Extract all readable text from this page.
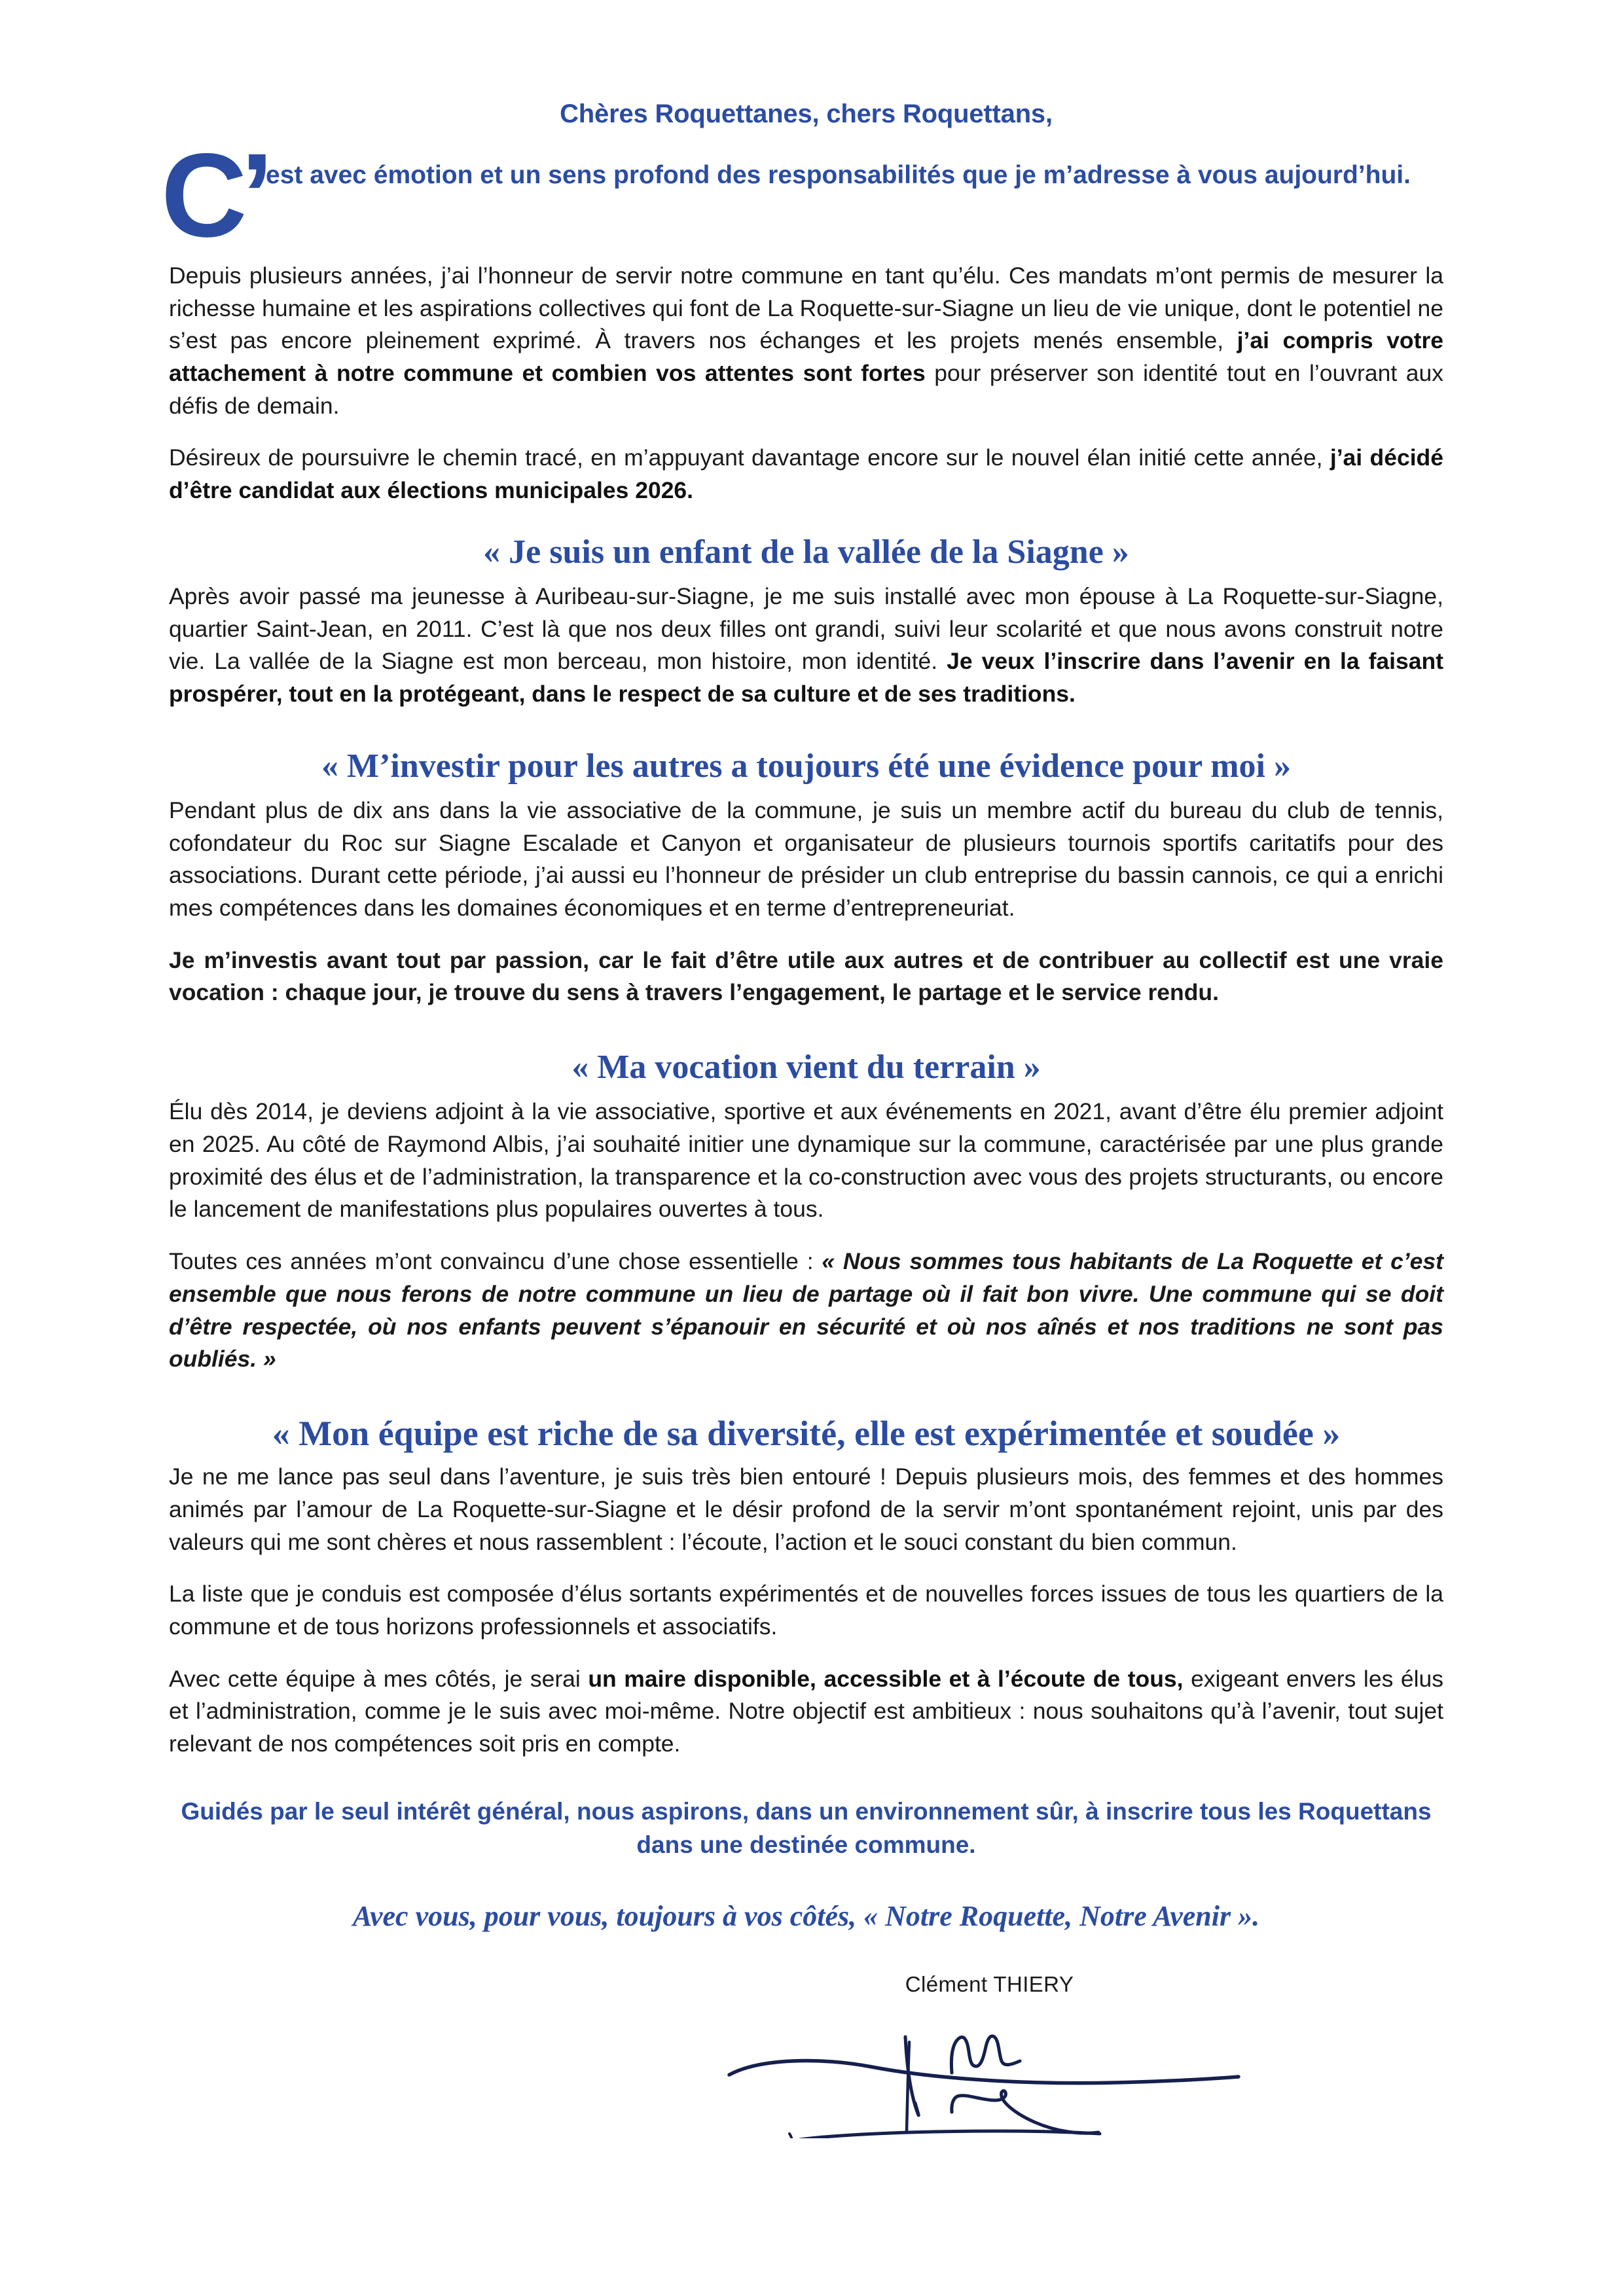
Chères Roquettanes, chers Roquettans,
C’
est avec émotion et un sens profond des responsabilités que je m’adresse à vous aujourd’hui.

Depuis plusieurs années, j’ai l’honneur de servir notre commune en tant qu’élu. Ces mandats m’ont permis de mesurer la richesse humaine et les aspirations collectives qui font de La Roquette-sur-Siagne un lieu de vie unique, dont le potentiel ne s’est pas encore pleinement exprimé. À travers nos échanges et les projets menés ensemble, j’ai compris votre attachement à notre commune et combien vos attentes sont fortes pour préserver son identité tout en l’ouvrant aux défis de demain.

Désireux de poursuivre le chemin tracé, en m’appuyant davantage encore sur le nouvel élan initié cette année, j’ai décidé d’être candidat aux élections municipales 2026.

« Je suis un enfant de la vallée de la Siagne »

Après avoir passé ma jeunesse à Auribeau-sur-Siagne, je me suis installé avec mon épouse à La Roquette-sur-Siagne, quartier Saint-Jean, en 2011. C’est là que nos deux filles ont grandi, suivi leur scolarité et que nous avons construit notre vie. La vallée de la Siagne est mon berceau, mon histoire, mon identité. Je veux l’inscrire dans l’avenir en la faisant prospérer, tout en la protégeant, dans le respect de sa culture et de ses traditions.

« M’investir pour les autres a toujours été une évidence pour moi »

Pendant plus de dix ans dans la vie associative de la commune, je suis un membre actif du bureau du club de tennis, cofondateur du Roc sur Siagne Escalade et Canyon et organisateur de plusieurs tournois sportifs caritatifs pour des associations. Durant cette période, j’ai aussi eu l’honneur de présider un club entreprise du bassin cannois, ce qui a enrichi mes compétences dans les domaines économiques et en terme d’entrepreneuriat.

Je m’investis avant tout par passion, car le fait d’être utile aux autres et de contribuer au collectif est une vraie vocation : chaque jour, je trouve du sens à travers l’engagement, le partage et le service rendu.

« Ma vocation vient du terrain »

Élu dès 2014, je deviens adjoint à la vie associative, sportive et aux événements en 2021, avant d’être élu premier adjoint en 2025. Au côté de Raymond Albis, j’ai souhaité initier une dynamique sur la commune, caractérisée par une plus grande proximité des élus et de l’administration, la transparence et la co-construction avec vous des projets structurants, ou encore le lancement de manifestations plus populaires ouvertes à tous.

Toutes ces années m’ont convaincu d’une chose essentielle : « Nous sommes tous habitants de La Roquette et c’est ensemble que nous ferons de notre commune un lieu de partage où il fait bon vivre. Une commune qui se doit d’être respectée, où nos enfants peuvent s’épanouir en sécurité et où nos aînés et nos traditions ne sont pas oubliés. »

« Mon équipe est riche de sa diversité, elle est expérimentée et soudée »

Je ne me lance pas seul dans l’aventure, je suis très bien entouré ! Depuis plusieurs mois, des femmes et des hommes animés par l’amour de La Roquette-sur-Siagne et le désir profond de la servir m’ont spontanément rejoint, unis par des valeurs qui me sont chères et nous rassemblent : l’écoute, l’action et le souci constant du bien commun.

La liste que je conduis est composée d’élus sortants expérimentés et de nouvelles forces issues de tous les quartiers de la commune et de tous horizons professionnels et associatifs.

Avec cette équipe à mes côtés, je serai un maire disponible, accessible et à l’écoute de tous, exigeant envers les élus et l’administration, comme je le suis avec moi-même. Notre objectif est ambitieux : nous souhaitons qu’à l’avenir, tout sujet relevant de nos compétences soit pris en compte.

Guidés par le seul intérêt général, nous aspirons, dans un environnement sûr, à inscrire tous les Roquettans dans une destinée commune.
Avec vous, pour vous, toujours à vos côtés, « Notre Roquette, Notre Avenir ».
Clément THIERY
